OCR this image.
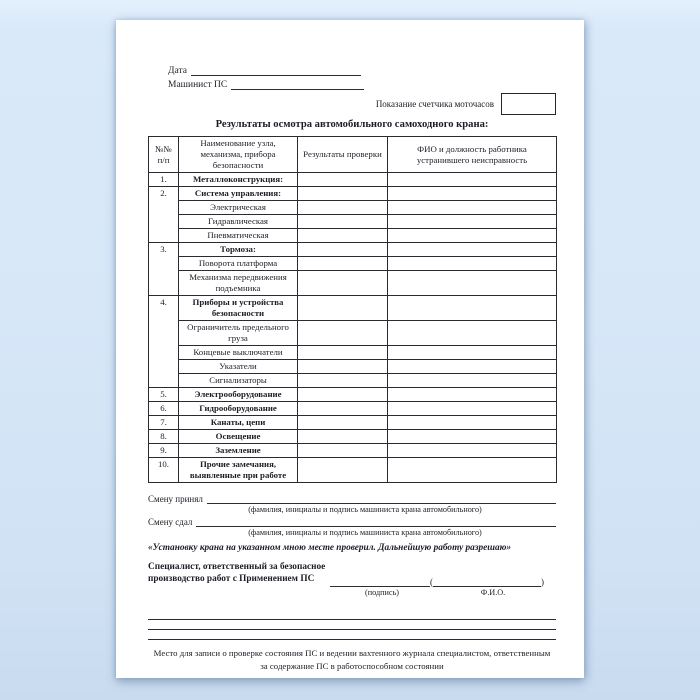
Дата
Машинист ПС
Показание счетчика моточасов
Результаты осмотра автомобильного самоходного крана:
№№ п/п	Наименование узла, механизма, прибора безопасности	Результаты проверки	ФИО и должность работника устранившего неисправность
1.	Металлоконструкция:		
2.	Система управления:		
	Электрическая		
	Гидравлическая		
	Пневматическая		
3.	Тормоза:		
	Поворота платформа		
	Механизма передвижения подъемника		
4.	Приборы и устройства безопасности		
	Ограничитель предельного груза		
	Концевые выключатели		
	Указатели		
	Сигнализаторы		
5.	Электрооборудование		
6.	Гидрооборудование		
7.	Канаты, цепи		
8.	Освещение		
9.	Заземление		
10.	Прочие замечания, выявленные при работе		
Смену принял
(фамилия, инициалы и подпись машиниста крана автомобильного)
Смену сдал
(фамилия, инициалы и подпись машиниста крана автомобильного)
«Установку крана на указанном мною месте проверил. Дальнейшую работу разрешаю»
Специалист, ответственный за безопасное производство работ с Применением ПС	(	)
(подпись)	Ф.И.О.
Место для записи о проверке состояния ПС и ведении вахтенного журнала специалистом, ответственным за содержание ПС в работоспособном состоянии
